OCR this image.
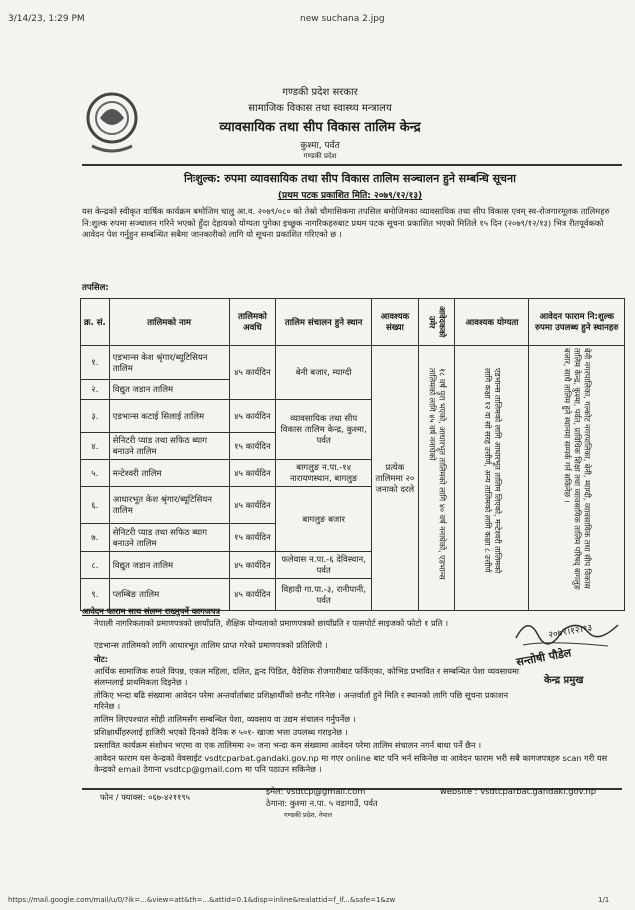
3/14/23, 1:29 PM	new suchana 2.jpg
गण्डकी प्रदेश सरकार
सामाजिक विकास तथा स्वास्थ्य मन्त्रालय
व्यावसायिक तथा सीप विकास तालिम केन्द्र
कुश्मा, पर्वत
गण्डकी प्रदेश
निःशुल्क: रुपमा व्यावसायिक तथा सीप विकास तालिम सञ्चालन हुने सम्बन्धि सूचना
(प्रथम पटक प्रकाशित मिति: २०७९/१२/१३)
यस केन्द्रको स्वीकृत वार्षिक कार्यक्रम बमोजिम चालु आ.व. २०७९/०८० को तेस्रो चौमासिकमा तपसिल बमोजिमका व्यावसायिक तथा सीप विकास एवम् स्व-रोजगारमूलक तालिमहरु नि:शुल्क रुपमा सञ्चालन गरिने भएको हुँदा देहायको योग्यता पुगेका इच्छुक नागरिकहरुबाट प्रथम पटक सूचना प्रकाशित भएको मितिले १५ दिन (२०७९/१२/१३) भित्र रीतपूर्वकको आवेदन पेश गर्नुहुन सम्बन्धित सबैमा जानकारीको लागि यो सूचना प्रकाशित गरिएको छ ।
तपसिल:
क्र. सं.	तालिमको नाम	तालिमको अवधि	तालिम संचालन हुने स्थान	आवश्यक संख्या	आवेदकको उमेर	आवश्यक योग्यता	आवेदन फाराम नि:शुल्क रुपमा उपलब्ध हुने स्थानहरु
१.	एडभान्स केश श्रृंगार/ब्यूटिसियन तालिम	४५ कार्यदिन	बेनी बजार, म्याग्दी	प्रत्येक तालिममा २० जनाको दरले	१८ वर्ष पुरा भएको, आधारभूत तालिमको लागि ४० वर्ष ननाघेको, एडभान्स तालिमको लागि ४५ वर्ष ननाघेको	एडभान्स तालिमको लागि आधारभूत तालिम लिएको, मन्टेश्वरी तालिमको लागि कक्षा १२ वा सो सरह उत्तीर्ण, अन्य तालिमको लागि कक्षा ८ उत्तीर्ण	बेनी नगरपालिका, गल्कोट नगरपालिका, बेनी, म्याग्दी, व्यावसायिक तथा सीप विकास तालिम केन्द्र, कुश्मा, पर्वत, प्राविधिक शिक्षा तथा व्यावसायिक तालिम परिषद् बागलुङ बजार, साथै तालिम हुने स्थानमा सम्पर्क गर्न सकिनेछ ।

२.	विद्युत जडान तालिम						
३.	एडभान्स कटाई सिलाई तालिम	४५ कार्यदिन	व्यावसायिक तथा सीप विकास तालिम केन्द्र, कुश्मा, पर्वत				
४.	सेनिटरी प्याड तथा सफिठ ब्याग बनाउने तालिम	१५ कार्यदिन					
५.	मन्टेश्वरी तालिम	४५ कार्यदिन	बागलुङ न.पा.-१४ नारायणस्थान, बागलुङ				
६.	आधारभूत केश श्रृंगार/ब्यूटिसियन तालिम	४५ कार्यदिन	बागलुङ बजार				
७.	सेनिटरी प्याड तथा सफिठ ब्याग बनाउने तालिम	१५ कार्यदिन					
८.	विद्युत जडान तालिम	४५ कार्यदिन	फलेवास न.पा.-६ देविस्थान, पर्वत				
९.	प्लम्बिङ तालिम	४५ कार्यदिन	विहादी गा.पा.-३, रानीपानी, पर्वत				
आवेदन फाराम साथ संलग्न राख्नुपर्ने कागजपत्र
नेपाली नागरिकताको प्रमाणपत्रको छायाँप्रति, शैक्षिक योग्यताको प्रमाणपत्रको छायाँप्रति र पासपोर्ट साइजको फोटो १ प्रति ।
एडभान्स तालिमको लागि आधारभूत तालिम प्राप्त गरेको प्रमाणपत्रको प्रतिलिपी ।
नोट:
आर्थिक सामाजिक रुपले विपन्न, एकल महिला, दलित, द्वन्द पिडित, वैदेशिक रोजगारीबाट फर्किएका, कोभिड प्रभावित र सम्बन्धित पेशा व्यवसायमा संलग्नलाई प्राथमिकता दिइनेछ ।
तोकिए भन्दा बढि संख्यामा आवेदन परेमा अन्तर्वार्ताबाट प्रशिक्षार्थीको छनौट गरिनेछ । अन्तर्वार्ता हुने मिति र स्थानको लागि पछि सूचना प्रकाशन गरिनेछ ।
तालिम लिएपश्चात सोही तालिमसँग सम्बन्धित पेशा, व्यवसाय वा उद्यम संचालन गर्नुपर्नेछ ।
प्रशिक्षार्थीहरुलाई हाजिरी भएको दिनको दैनिक रु ५०१- खाजा भत्ता उपलब्ध गराइनेछ ।
प्रस्तावित कार्यक्रम संशोधन भएमा वा एक तालिममा २० जना भन्दा कम संख्यामा आवेदन परेमा तालिम संचालन नगर्न बाधा पर्ने छैन ।
आवेदन फाराम यस केन्द्रको वेवसाईट vsdtcparbat.gandaki.gov.np मा गएर online बाट पनि भर्न सकिनेछ वा आवेदन फाराम भरी सबै कागजपत्रहरु scan गरी यस केन्द्रको email ठेगाना vsdtcp@gmail.com मा पनि पठाउन सकिनेछ ।
सन्तोषी पौडेल
२०७९।१२।१३
केन्द्र प्रमुख
फोन / फ्याक्स: ०६७-४२११९५
इमेल: vsdtcp@gmail.com
ठेगाना: कुश्मा न.पा. ५ वडागाउँ, पर्वत
गण्डकी प्रदेश, नेपाल
website : vsdtcparbat.gandaki.gov.np
https://mail.google.com/mail/u/0/?ik=...&view=att&th=...&attid=0.1&disp=inline&realattid=f_lf...&safe=1&zw	1/1
